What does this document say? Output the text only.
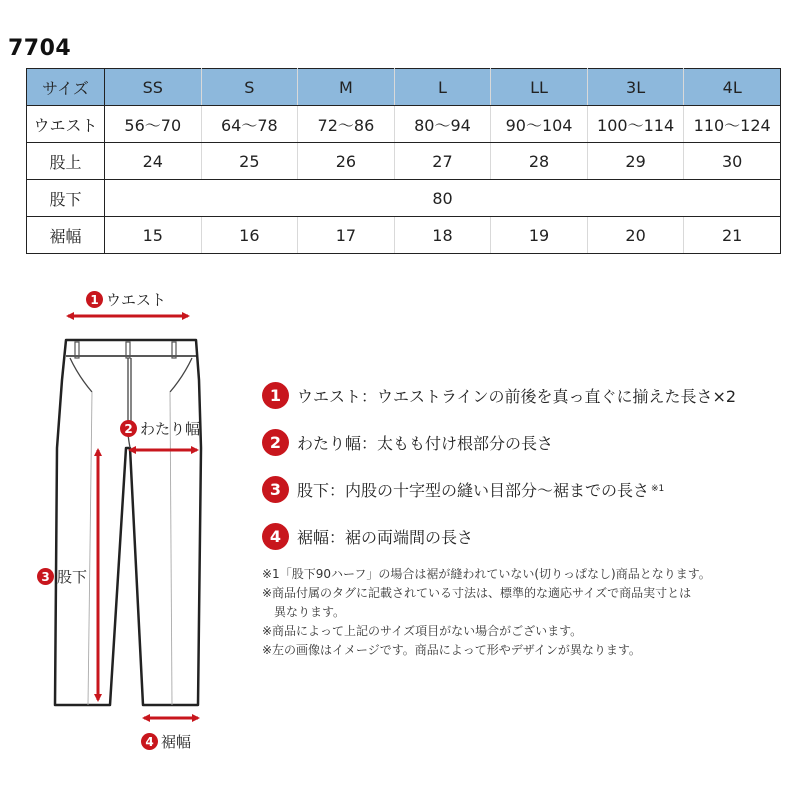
7704
サイズ	SS	S	M	L	LL	3L	4L
ウエスト	56〜70	64〜78	72〜86	80〜94	90〜104	100〜114	110〜124
股上	24	25	26	27	28	29	30
股下	80						
裾幅	15	16	17	18	19	20	21
1 ウエスト
2 わたり幅
3 股下
4 裾幅
1 ウエスト：ウエストラインの前後を真っ直ぐに揃えた長さ×2
2 わたり幅：太もも付け根部分の長さ
3 股下：内股の十字型の縫い目部分〜裾までの長さ ※1
4 裾幅：裾の両端間の長さ

※1「股下90ハーフ」の場合は裾が縫われていない(切りっぱなし)商品となります。

※商品付属のタグに記載されている寸法は、標準的な適応サイズで商品実寸とは

異なります。

※商品によって上記のサイズ項目がない場合がございます。

※左の画像はイメージです。商品によって形やデザインが異なります。
